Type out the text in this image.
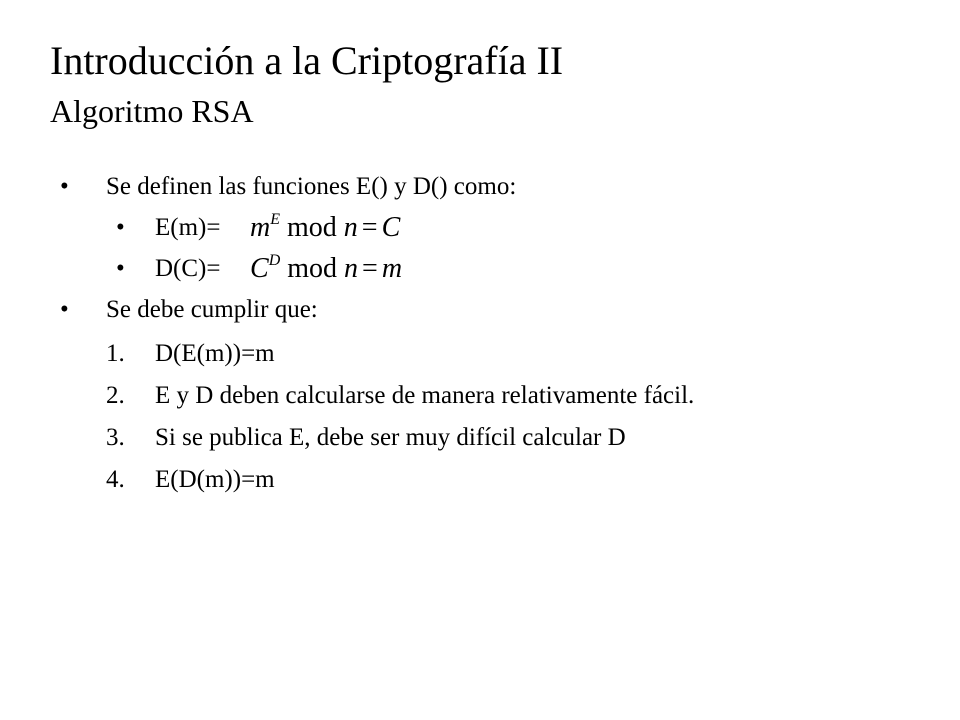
Introducción a la Criptografía II
Algoritmo RSA
• Se definen las funciones E() y D() como:
• $E(m)= m^E$ mod n = C
• $D(C)= C^D$ mod n = m
• Se debe cumplir que:
1. D(E(m))=m
2. E y D deben calcularse de manera relativamente fácil.
3. Si se publica E, debe ser muy difícil calcular D
4. E(D(m))=m
